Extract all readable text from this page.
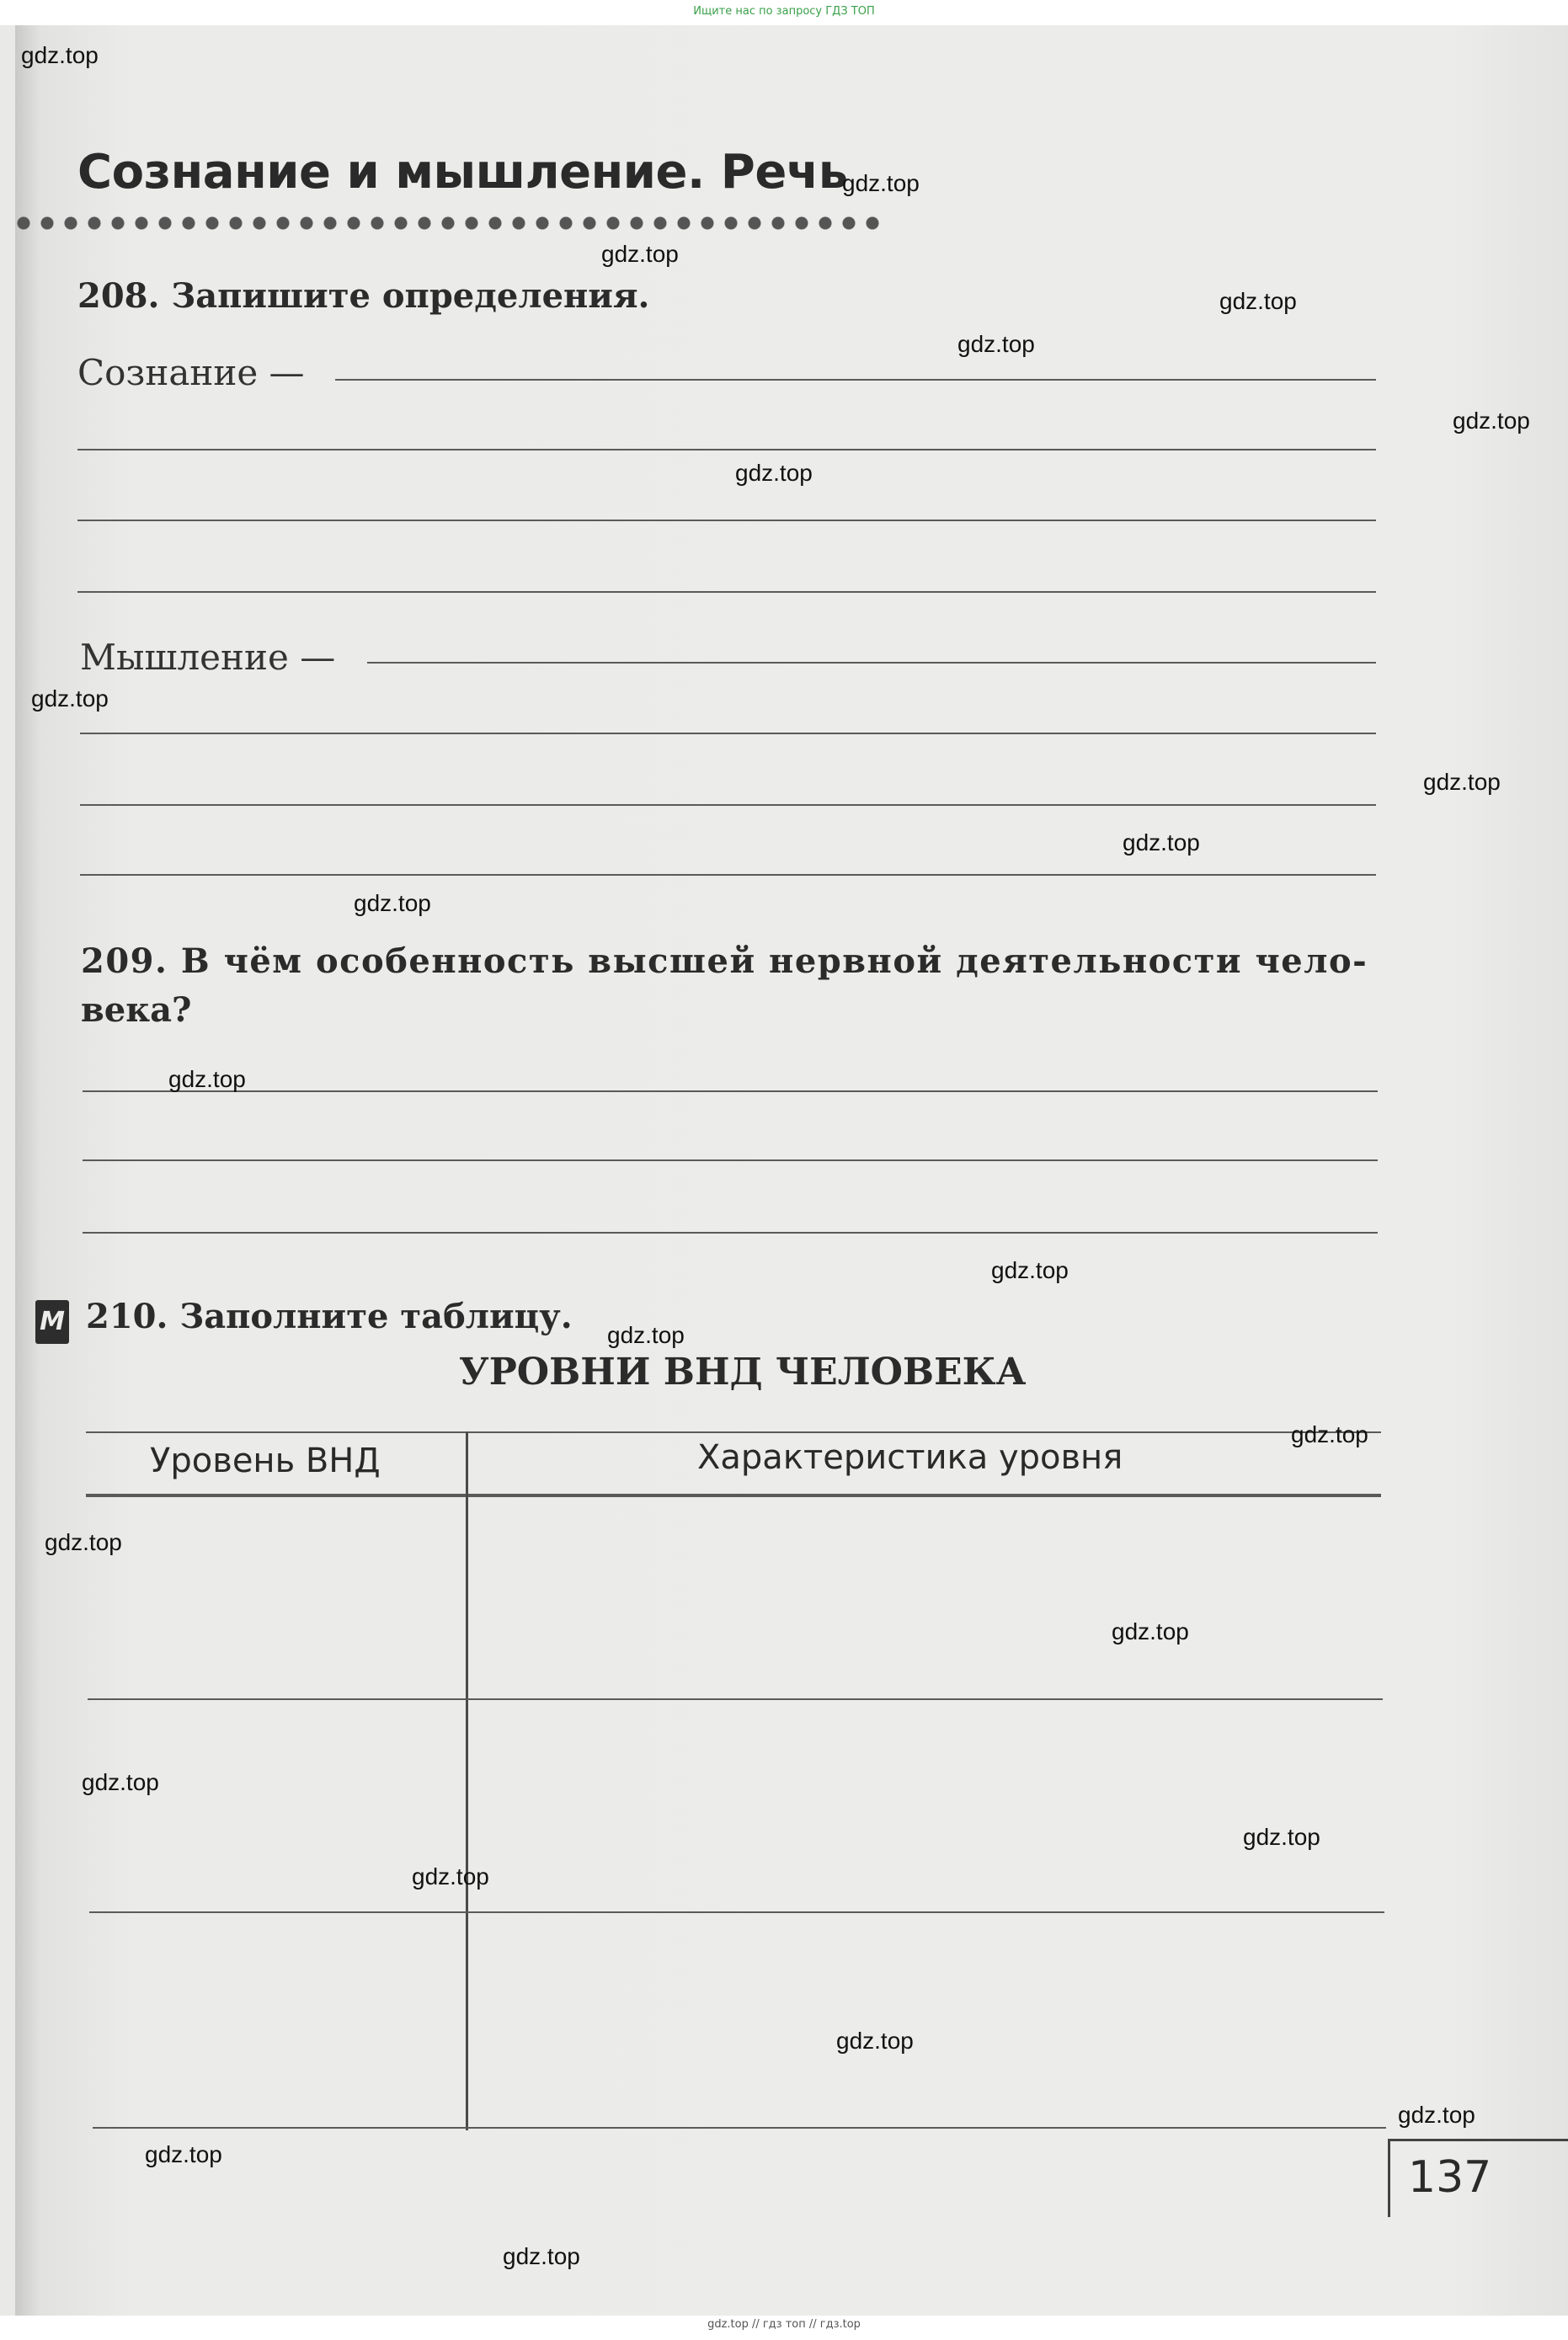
Ищите нас по запросу ГДЗ ТОП
Сознание и мышление. Речь
208. Запишите определения.
Сознание —
Мышление —
209. В чём особенность высшей нервной деятельности чело-
века?
М 210. Заполните таблицу.
УРОВНИ ВНД ЧЕЛОВЕКА
Уровень ВНД	Характеристика уровня
137
gdz.top
gdz.top
gdz.top
gdz.top
gdz.top
gdz.top
gdz.top
gdz.top
gdz.top
gdz.top
gdz.top
gdz.top
gdz.top
gdz.top
gdz.top
gdz.top
gdz.top
gdz.top
gdz.top
gdz.top
gdz.top
gdz.top
gdz.top
gdz.top
gdz.top // гдз топ // гдз.top
